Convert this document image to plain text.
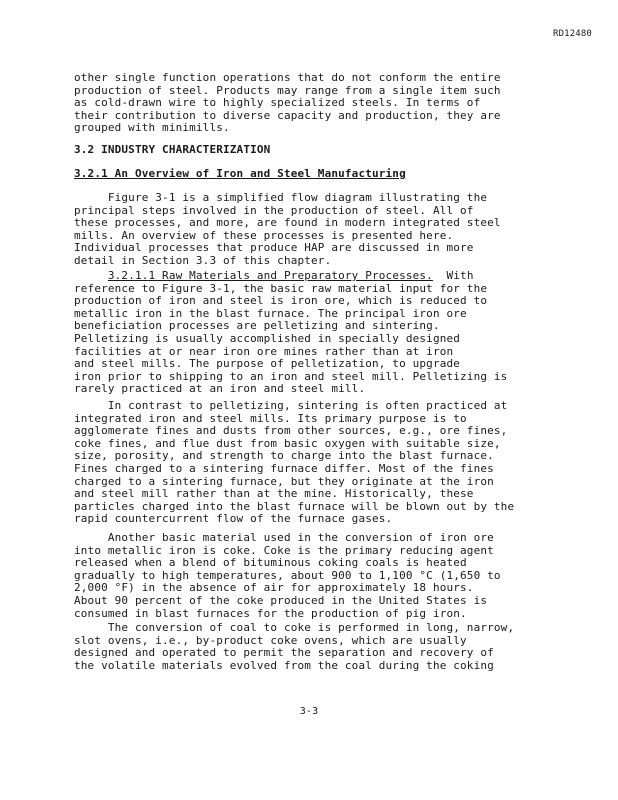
RD12480

other single function operations that do not conform the entire
production of steel. Products may range from a single item such
as cold-drawn wire to highly specialized steels. In terms of
their contribution to diverse capacity and production, they are
grouped with minimills.

3.2 INDUSTRY CHARACTERIZATION

3.2.1 An Overview of Iron and Steel Manufacturing

Figure 3-1 is a simplified flow diagram illustrating the
principal steps involved in the production of steel. All of
these processes, and more, are found in modern integrated steel
mills. An overview of these processes is presented here.
Individual processes that produce HAP are discussed in more
detail in Section 3.3 of this chapter.

3.2.1.1 Raw Materials and Preparatory Processes.  With
reference to Figure 3-1, the basic raw material input for the
production of iron and steel is iron ore, which is reduced to
metallic iron in the blast furnace. The principal iron ore
beneficiation processes are pelletizing and sintering.
Pelletizing is usually accomplished in specially designed
facilities at or near iron ore mines rather than at iron
and steel mills. The purpose of pelletization, to upgrade
iron prior to shipping to an iron and steel mill. Pelletizing is
rarely practiced at an iron and steel mill.

In contrast to pelletizing, sintering is often practiced at
integrated iron and steel mills. Its primary purpose is to
agglomerate fines and dusts from other sources, e.g., ore fines,
coke fines, and flue dust from basic oxygen with suitable size,
size, porosity, and strength to charge into the blast furnace.
Fines charged to a sintering furnace differ. Most of the fines
charged to a sintering furnace, but they originate at the iron
and steel mill rather than at the mine. Historically, these
particles charged into the blast furnace will be blown out by the
rapid countercurrent flow of the furnace gases.

Another basic material used in the conversion of iron ore
into metallic iron is coke. Coke is the primary reducing agent
released when a blend of bituminous coking coals is heated
gradually to high temperatures, about 900 to 1,100 °C (1,650 to
2,000 °F) in the absence of air for approximately 18 hours.
About 90 percent of the coke produced in the United States is
consumed in blast furnaces for the production of pig iron.

The conversion of coal to coke is performed in long, narrow,
slot ovens, i.e., by-product coke ovens, which are usually
designed and operated to permit the separation and recovery of
the volatile materials evolved from the coal during the coking

3-3
